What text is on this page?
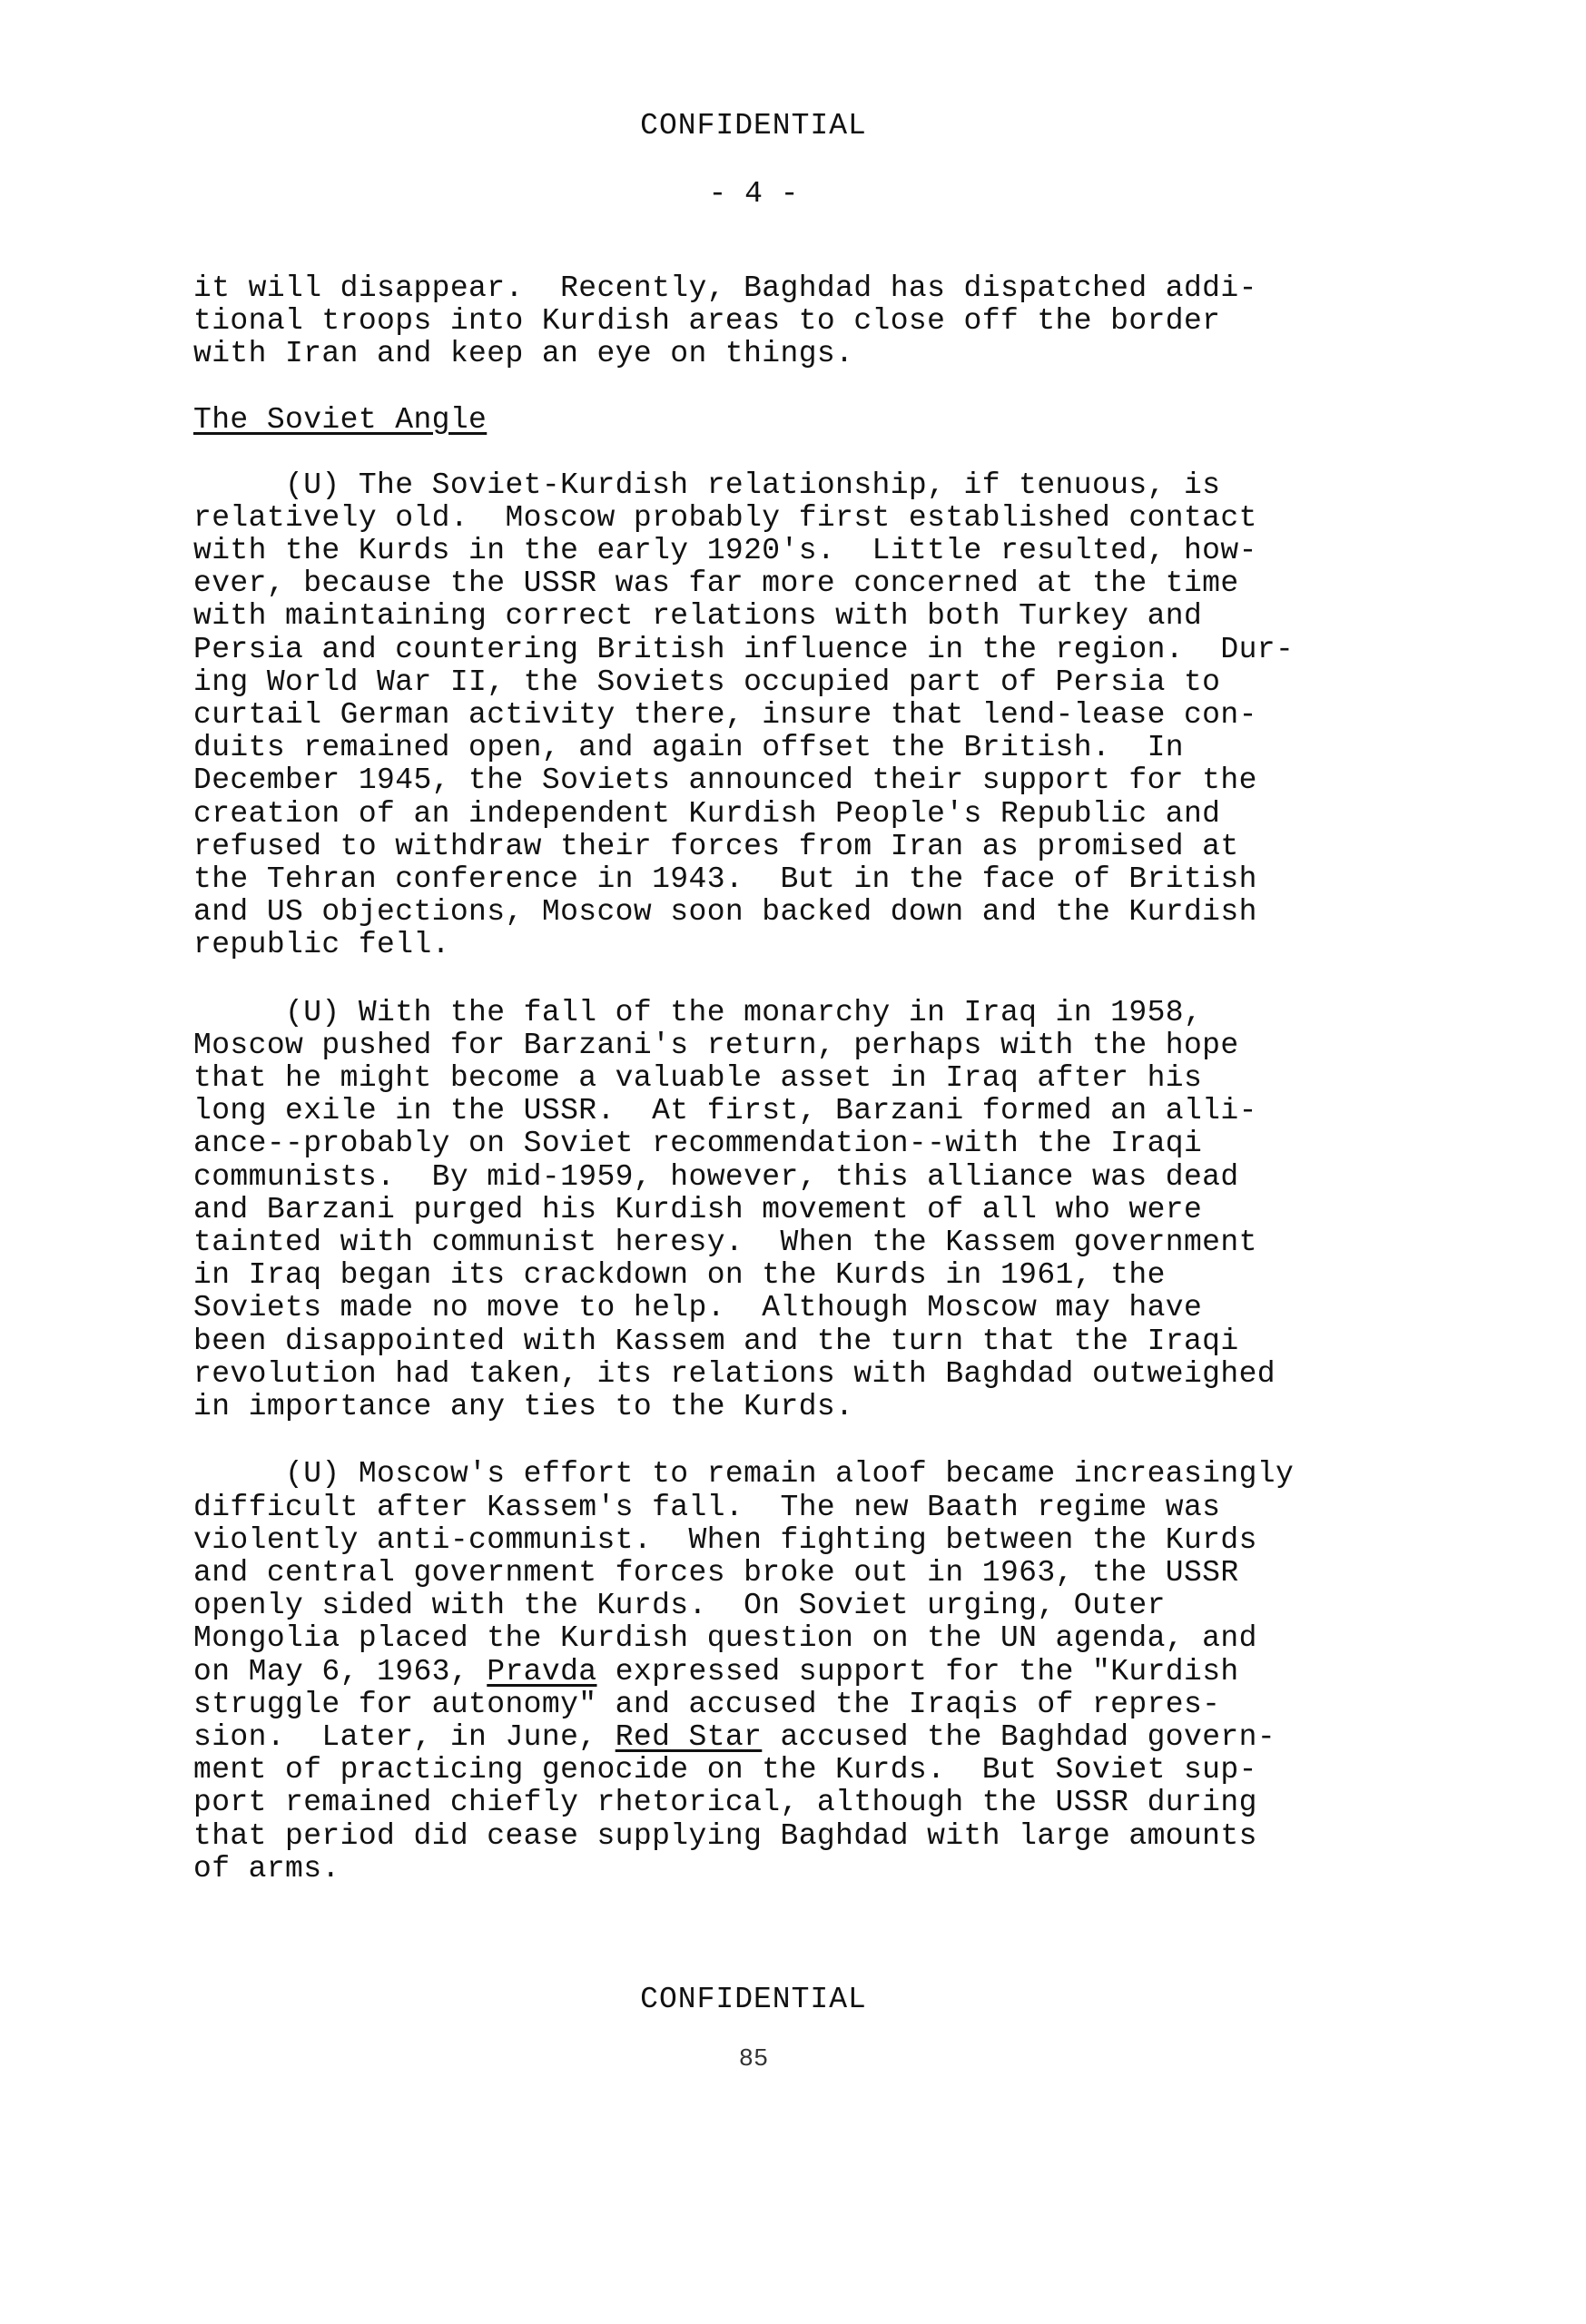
CONFIDENTIAL
- 4 -

it will disappear.  Recently, Baghdad has dispatched addi-

tional troops into Kurdish areas to close off the border

with Iran and keep an eye on things.

The Soviet Angle

(U) The Soviet-Kurdish relationship, if tenuous, is

relatively old.  Moscow probably first established contact

with the Kurds in the early 1920's.  Little resulted, how-

ever, because the USSR was far more concerned at the time

with maintaining correct relations with both Turkey and

Persia and countering British influence in the region.  Dur-

ing World War II, the Soviets occupied part of Persia to

curtail German activity there, insure that lend-lease con-

duits remained open, and again offset the British.  In

December 1945, the Soviets announced their support for the

creation of an independent Kurdish People's Republic and

refused to withdraw their forces from Iran as promised at

the Tehran conference in 1943.  But in the face of British

and US objections, Moscow soon backed down and the Kurdish

republic fell.

(U) With the fall of the monarchy in Iraq in 1958,

Moscow pushed for Barzani's return, perhaps with the hope

that he might become a valuable asset in Iraq after his

long exile in the USSR.  At first, Barzani formed an alli-

ance--probably on Soviet recommendation--with the Iraqi

communists.  By mid-1959, however, this alliance was dead

and Barzani purged his Kurdish movement of all who were

tainted with communist heresy.  When the Kassem government

in Iraq began its crackdown on the Kurds in 1961, the

Soviets made no move to help.  Although Moscow may have

been disappointed with Kassem and the turn that the Iraqi

revolution had taken, its relations with Baghdad outweighed

in importance any ties to the Kurds.

(U) Moscow's effort to remain aloof became increasingly

difficult after Kassem's fall.  The new Baath regime was

violently anti-communist.  When fighting between the Kurds

and central government forces broke out in 1963, the USSR

openly sided with the Kurds.  On Soviet urging, Outer

Mongolia placed the Kurdish question on the UN agenda, and

on May 6, 1963, Pravda expressed support for the "Kurdish

struggle for autonomy" and accused the Iraqis of repres-

sion.  Later, in June, Red Star accused the Baghdad govern-

ment of practicing genocide on the Kurds.  But Soviet sup-

port remained chiefly rhetorical, although the USSR during

that period did cease supplying Baghdad with large amounts

of arms.

CONFIDENTIAL
85
